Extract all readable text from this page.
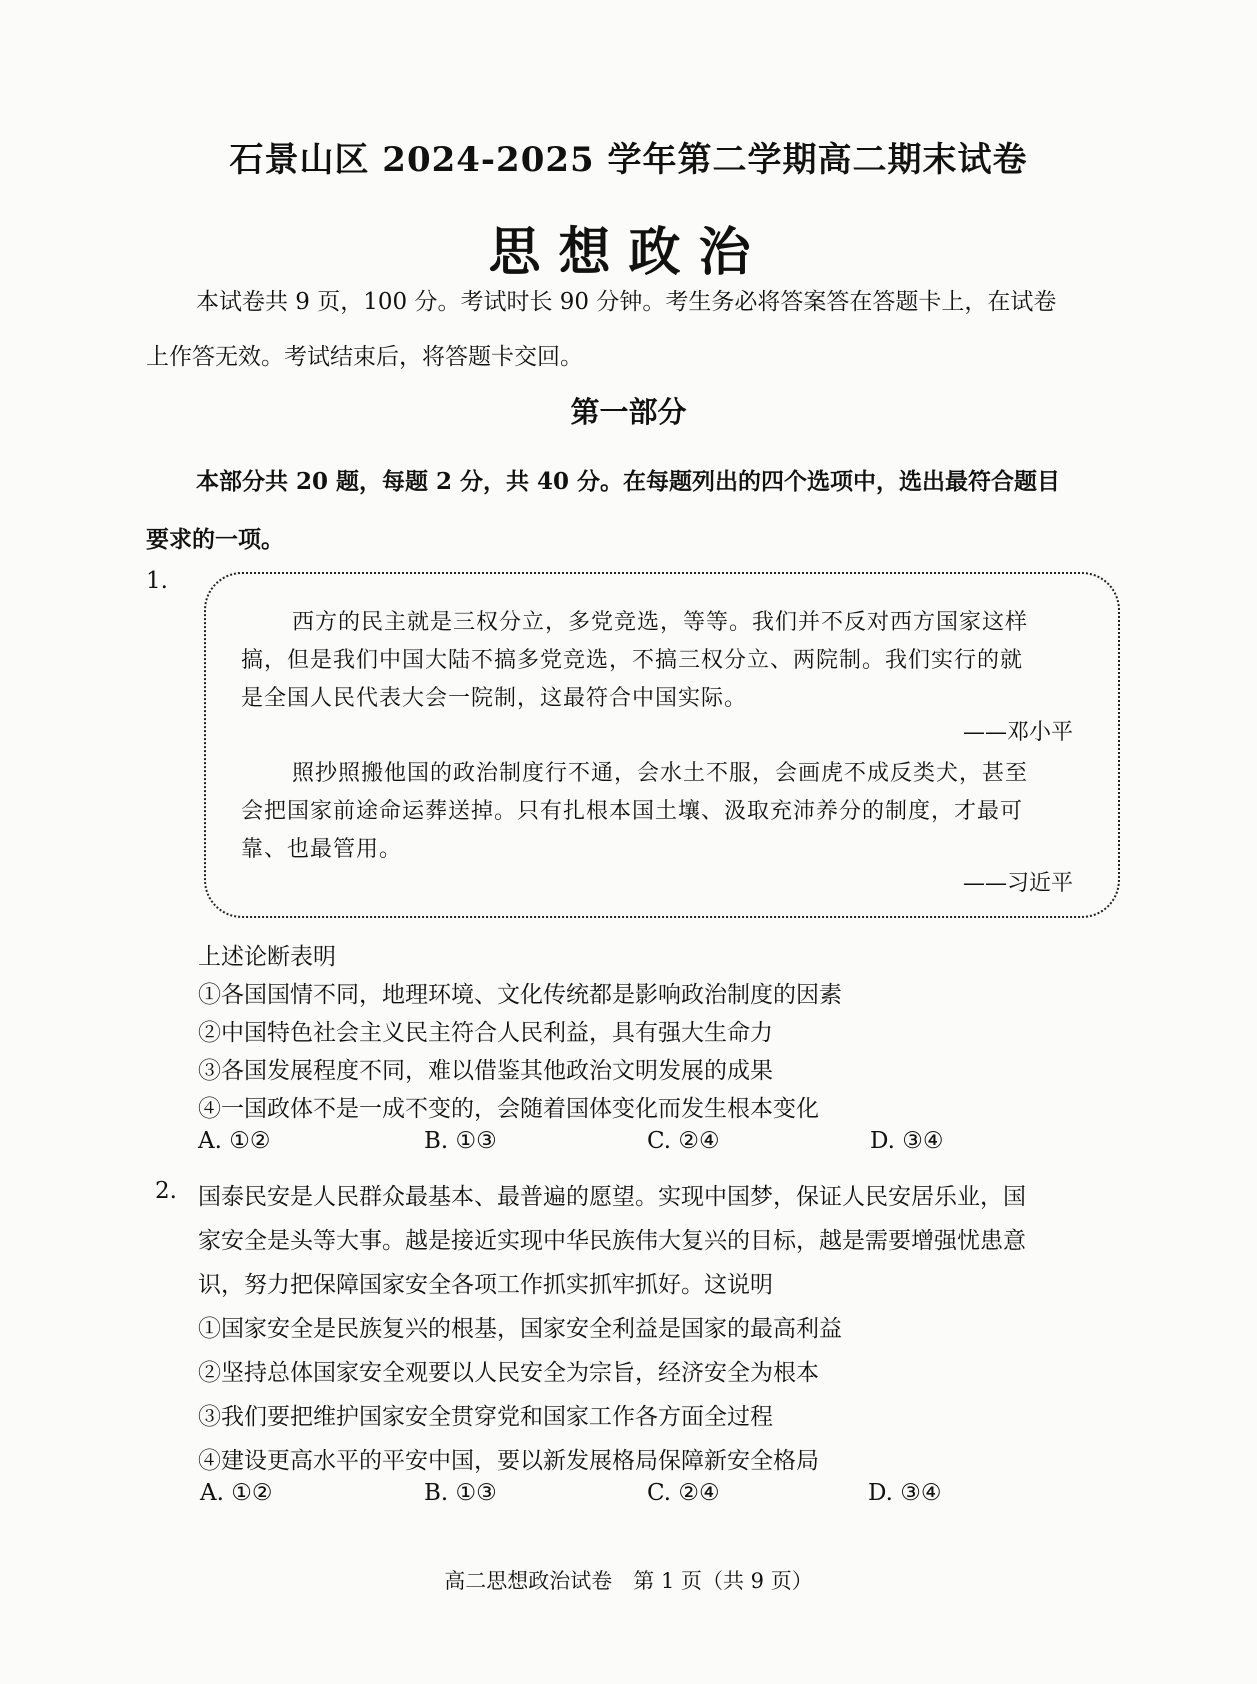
石景山区 2024-2025 学年第二学期高二期末试卷
思想政治
本试卷共 9 页，100 分。考试时长 90 分钟。考生务必将答案答在答题卡上，在试卷
上作答无效。考试结束后，将答题卡交回。
第一部分
本部分共 20 题，每题 2 分，共 40 分。在每题列出的四个选项中，选出最符合题目
要求的一项。
1.
西方的民主就是三权分立，多党竞选，等等。我们并不反对西方国家这样
搞，但是我们中国大陆不搞多党竞选，不搞三权分立、两院制。我们实行的就
是全国人民代表大会一院制，这最符合中国实际。
——邓小平
照抄照搬他国的政治制度行不通，会水土不服，会画虎不成反类犬，甚至
会把国家前途命运葬送掉。只有扎根本国土壤、汲取充沛养分的制度，才最可
靠、也最管用。
——习近平
上述论断表明
①各国国情不同，地理环境、文化传统都是影响政治制度的因素
②中国特色社会主义民主符合人民利益，具有强大生命力
③各国发展程度不同，难以借鉴其他政治文明发展的成果
④一国政体不是一成不变的，会随着国体变化而发生根本变化
A. ①②	B. ①③	C. ②④	D. ③④
2. 国泰民安是人民群众最基本、最普遍的愿望。实现中国梦，保证人民安居乐业，国
家安全是头等大事。越是接近实现中华民族伟大复兴的目标，越是需要增强忧患意
识，努力把保障国家安全各项工作抓实抓牢抓好。这说明
①国家安全是民族复兴的根基，国家安全利益是国家的最高利益
②坚持总体国家安全观要以人民安全为宗旨，经济安全为根本
③我们要把维护国家安全贯穿党和国家工作各方面全过程
④建设更高水平的平安中国，要以新发展格局保障新安全格局
A. ①②	B. ①③	C. ②④	D. ③④
高二思想政治试卷　第 1 页（共 9 页）
